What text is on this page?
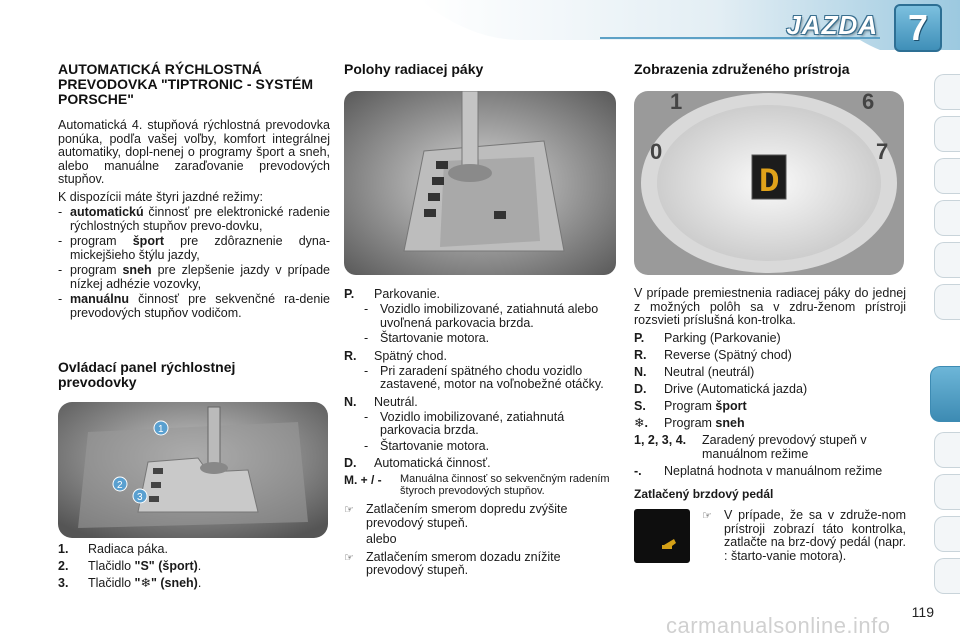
JAZDA 7
AUTOMATICKÁ RÝCHLOSTNÁ PREVODOVKA "TIPTRONIC - SYSTÉM PORSCHE"

Automatická 4. stupňová rýchlostná prevodovka ponúka, podľa vašej voľby, komfort integrálnej automatiky, dopl-nenej o programy šport a sneh, alebo manuálne zaraďovanie prevodových stupňov.

K dispozícii máte štyri jazdné režimy:

- automatickú činnosť pre elektronické radenie rýchlostných stupňov prevo-dovku,
- program šport pre zdôraznenie dyna-mickejšieho štýlu jazdy,
- program sneh pre zlepšenie jazdy v prípade nízkej adhézie vozovky,
- manuálnu činnosť pre sekvenčné ra-denie prevodových stupňov vodičom.
Ovládací panel rýchlostnej prevodovky
1
2
3
1.	Radiaca páka.
2.	Tlačidlo "S" (šport).
3.	Tlačidlo "❄" (sneh).
Polohy radiacej páky
P.	Parkovanie.
- Vozidlo imobilizované, zatiahnutá alebo uvoľnená parkovacia brzda.
- Štartovanie motora.
R.	Spätný chod.
- Pri zaradení spätného chodu vozidlo zastavené, motor na voľnobežné otáčky.
N.	Neutrál.
- Vozidlo imobilizované, zatiahnutá parkovacia brzda.
- Štartovanie motora.
D.	Automatická činnosť.
M. + / -	Manuálna činnosť so sekvenčným radením štyroch prevodových stupňov.
☞ Zatlačením smerom dopredu zvýšite prevodový stupeň.

alebo

☞ Zatlačením smerom dozadu znížite prevodový stupeň.
Zobrazenia združeného prístroja
1
0
6
7
D

V prípade premiestnenia radiacej páky do jednej z možných polôh sa v zdru-ženom prístroji rozsvieti príslušná kon-trolka.

P.	Parking (Parkovanie)
R.	Reverse (Spätný chod)
N.	Neutral (neutrál)
D.	Drive (Automatická jazda)
S.	Program šport
❄.	Program sneh
1, 2, 3, 4.	Zaradený prevodový stupeň v manuálnom režime
-.	Neplatná hodnota v manuálnom režime

Zatlačený brzdový pedál

☞ V prípade, že sa v združe-nom prístroji zobrazí táto kontrolka, zatlačte na brz-dový pedál (napr. : štarto-vanie motora).
119
carmanualsonline.info
